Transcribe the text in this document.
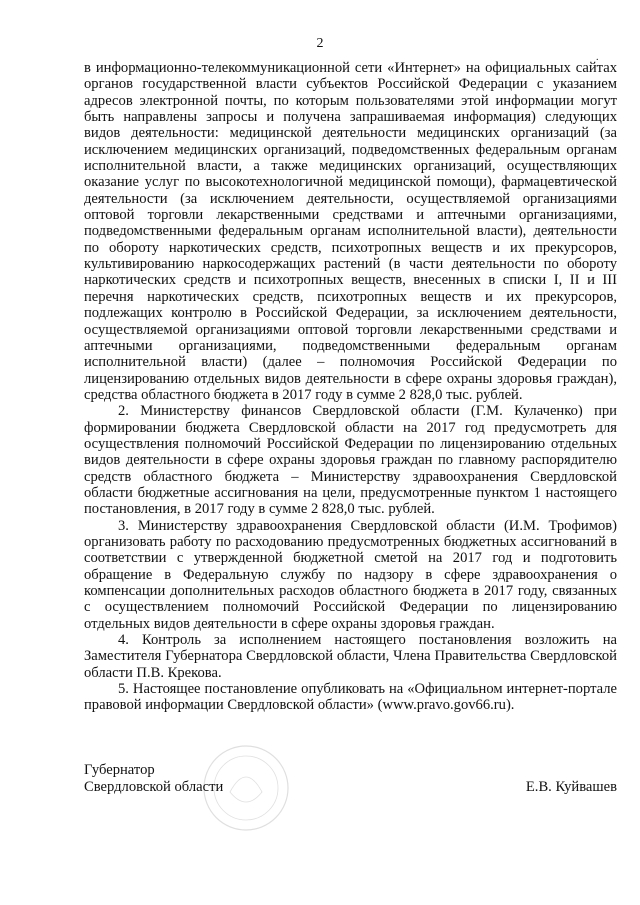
2
.

в информационно-телекоммуникационной сети «Интернет» на официальных сайтах органов государственной власти субъектов Российской Федерации с указанием адресов электронной почты, по которым пользователями этой информации могут быть направлены запросы и получена запрашиваемая информация) следующих видов деятельности: медицинской деятельности медицинских организаций (за исключением медицинских организаций, подведомственных федеральным органам исполнительной власти, а также медицинских организаций, осуществляющих оказание услуг по высокотехнологичной медицинской помощи), фармацевтической деятельности (за исключением деятельности, осуществляемой организациями оптовой торговли лекарственными средствами и аптечными организациями, подведомственными федеральным органам исполнительной власти), деятельности по обороту наркотических средств, психотропных веществ и их прекурсоров, культивированию наркосодержащих растений (в части деятельности по обороту наркотических средств и психотропных веществ, внесенных в списки I, II и III перечня наркотических средств, психотропных веществ и их прекурсоров, подлежащих контролю в Российской Федерации, за исключением деятельности, осуществляемой организациями оптовой торговли лекарственными средствами и аптечными организациями, подведомственными федеральным органам исполнительной власти) (далее – полномочия Российской Федерации по лицензированию отдельных видов деятельности в сфере охраны здоровья граждан), средства областного бюджета в 2017 году в сумме 2 828,0 тыс. рублей.

2. Министерству финансов Свердловской области (Г.М. Кулаченко) при формировании бюджета Свердловской области на 2017 год предусмотреть для осуществления полномочий Российской Федерации по лицензированию отдельных видов деятельности в сфере охраны здоровья граждан по главному распорядителю средств областного бюджета – Министерству здравоохранения Свердловской области бюджетные ассигнования на цели, предусмотренные пунктом 1 настоящего постановления, в 2017 году в сумме 2 828,0 тыс. рублей.

3. Министерству здравоохранения Свердловской области (И.М. Трофимов) организовать работу по расходованию предусмотренных бюджетных ассигнований в соответствии с утвержденной бюджетной сметой на 2017 год и подготовить обращение в Федеральную службу по надзору в сфере здравоохранения о компенсации дополнительных расходов областного бюджета в 2017 году, связанных с осуществлением полномочий Российской Федерации по лицензированию отдельных видов деятельности в сфере охраны здоровья граждан.

4. Контроль за исполнением настоящего постановления возложить на Заместителя Губернатора Свердловской области, Члена Правительства Свердловской области П.В. Крекова.

5. Настоящее постановление опубликовать на «Официальном интернет-портале правовой информации Свердловской области» (www.pravo.gov66.ru).

Губернатор
Свердловской области	Е.В. Куйвашев
